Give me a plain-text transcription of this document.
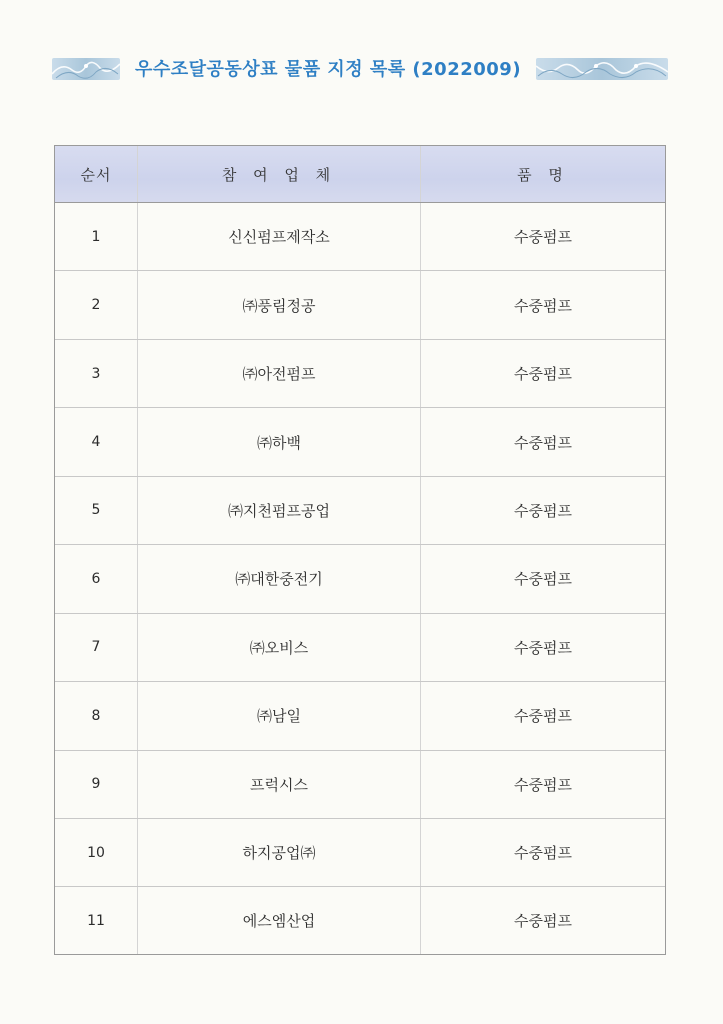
우수조달공동상표 물품 지정 목록 (2022009)
순서	참 여 업 체	품 명
1	신신펌프제작소	수중펌프
2	㈜풍림정공	수중펌프
3	㈜아전펌프	수중펌프
4	㈜하백	수중펌프
5	㈜지천펌프공업	수중펌프
6	㈜대한중전기	수중펌프
7	㈜오비스	수중펌프
8	㈜남일	수중펌프
9	프럭시스	수중펌프
10	하지공업㈜	수중펌프
11	에스엠산업	수중펌프
